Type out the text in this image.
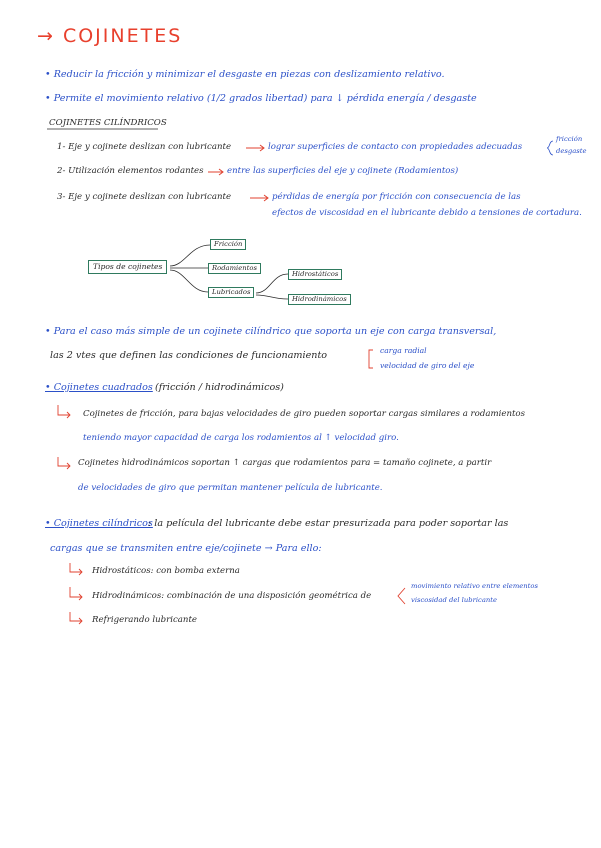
→ COJINETES
• Reducir la fricción y minimizar el desgaste en piezas con deslizamiento relativo.
• Permite el movimiento relativo (1/2 grados libertad) para ↓ pérdida energía / desgaste
COJINETES CILÍNDRICOS
1- Eje y cojinete deslizan con lubricante	lograr superficies de contacto con propiedades adecuadas
fricción
desgaste
2- Utilización elementos rodantes	entre las superficies del eje y cojinete (Rodamientos)
3- Eje y cojinete deslizan con lubricante	pérdidas de energía por fricción con consecuencia de las
efectos de viscosidad en el lubricante debido a tensiones de cortadura.
Tipos de cojinetes
Fricción
Rodamientos
Lubricados
Hidrostáticos
Hidrodinámicos
• Para el caso más simple de un cojinete cilíndrico que soporta un eje con carga transversal,
las 2 vtes que definen las condiciones de funcionamiento	carga radial
velocidad de giro del eje
• Cojinetes cuadrados (fricción / hidrodinámicos)
Cojinetes de fricción, para bajas velocidades de giro pueden soportar cargas similares a rodamientos
teniendo mayor capacidad de carga los rodamientos al ↑ velocidad giro.
Cojinetes hidrodinámicos soportan ↑ cargas que rodamientos para = tamaño cojinete, a partir
de velocidades de giro que permitan mantener película de lubricante.
• Cojinetes cilíndricos
: la película del lubricante debe estar presurizada para poder soportar las
cargas que se transmiten entre eje/cojinete → Para ello:
Hidrostáticos: con bomba externa
Hidrodinámicos: combinación de una disposición geométrica de
movimiento relativo entre elementos
viscosidad del lubricante
Refrigerando lubricante
